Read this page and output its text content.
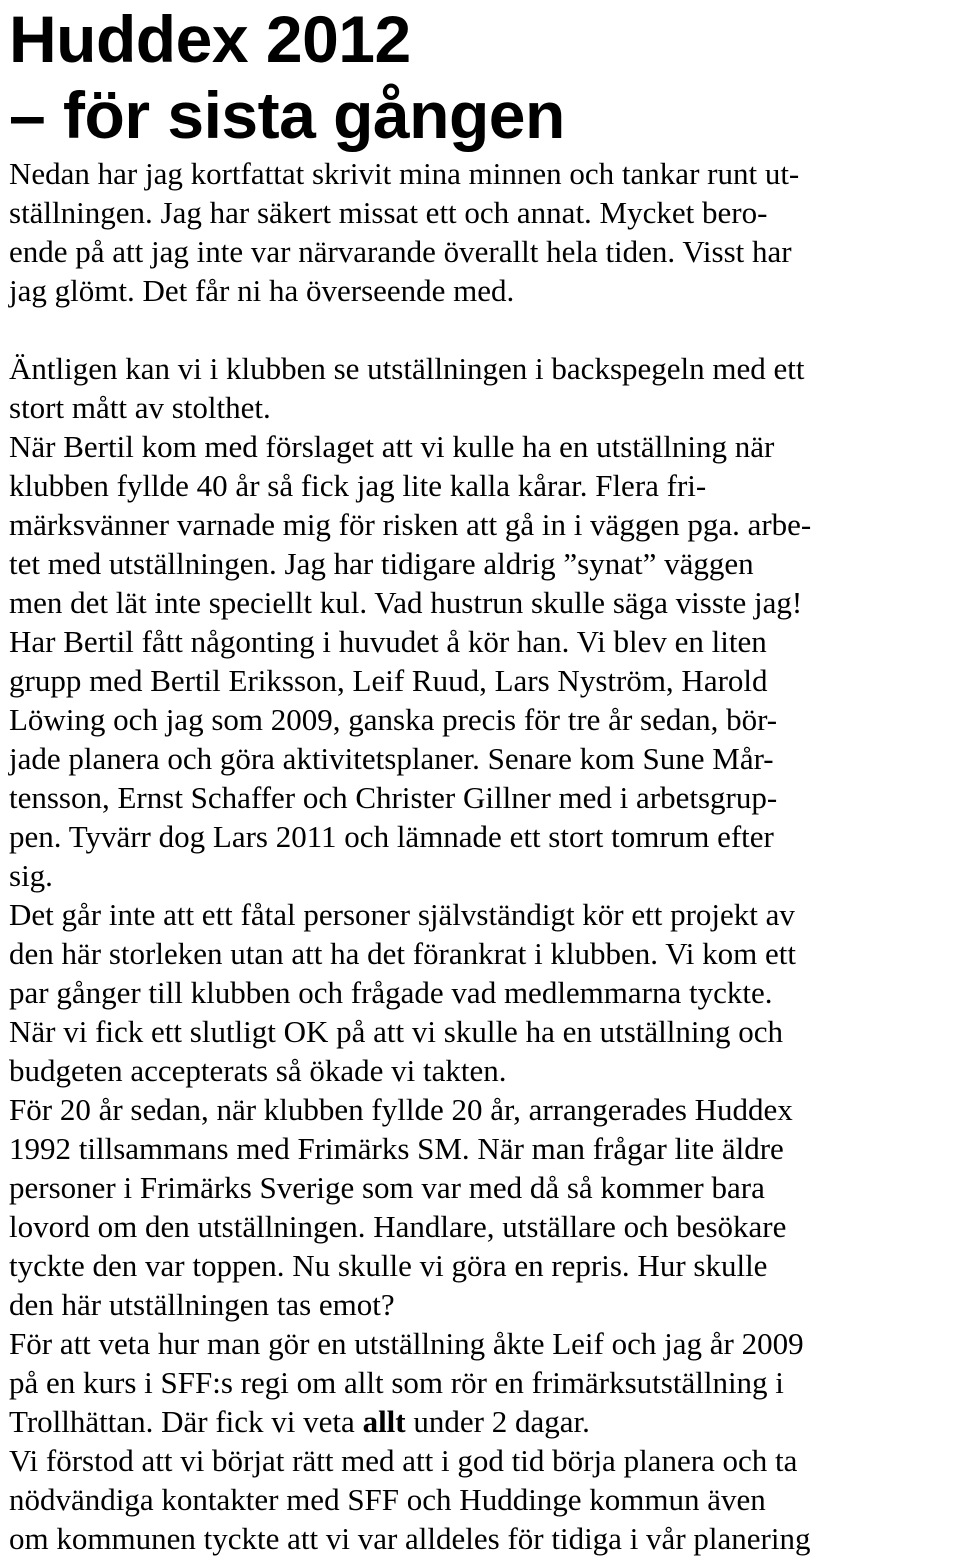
Huddex 2012
– för sista gången
Nedan har jag kortfattat skrivit mina minnen och tankar runt ut-
ställningen. Jag har säkert missat ett och annat. Mycket bero-
ende på att jag inte var närvarande överallt hela tiden. Visst har
jag glömt. Det får ni ha överseende med.
Äntligen kan vi i klubben se utställningen i backspegeln med ett
stort mått av stolthet.
När Bertil kom med förslaget att vi kulle ha en utställning när
klubben fyllde 40 år så fick jag lite kalla kårar. Flera fri-
märksvänner varnade mig för risken att gå in i väggen pga. arbe-
tet med utställningen. Jag har tidigare aldrig ”synat” väggen
men det lät inte speciellt kul. Vad hustrun skulle säga visste jag!
Har Bertil fått någonting i huvudet å kör han. Vi blev en liten
grupp med Bertil Eriksson, Leif Ruud, Lars Nyström, Harold
Löwing och jag som 2009, ganska precis för tre år sedan, bör-
jade planera och göra aktivitetsplaner. Senare kom Sune Mår-
tensson, Ernst Schaffer och Christer Gillner med i arbetsgrup-
pen. Tyvärr dog Lars 2011 och lämnade ett stort tomrum efter
sig.
Det går inte att ett fåtal personer självständigt kör ett projekt av
den här storleken utan att ha det förankrat i klubben. Vi kom ett
par gånger till klubben och frågade vad medlemmarna tyckte.
När vi fick ett slutligt OK på att vi skulle ha en utställning och
budgeten accepterats så ökade vi takten.
För 20 år sedan, när klubben fyllde 20 år, arrangerades Huddex
1992 tillsammans med Frimärks SM. När man frågar lite äldre
personer i Frimärks Sverige som var med då så kommer bara
lovord om den utställningen. Handlare, utställare och besökare
tyckte den var toppen. Nu skulle vi göra en repris. Hur skulle
den här utställningen tas emot?
För att veta hur man gör en utställning åkte Leif och jag år 2009
på en kurs i SFF:s regi om allt som rör en frimärksutställning i
Trollhättan. Där fick vi veta allt under 2 dagar.
Vi förstod att vi börjat rätt med att i god tid börja planera och ta
nödvändiga kontakter med SFF och Huddinge kommun även
om kommunen tyckte att vi var alldeles för tidiga i vår planering
